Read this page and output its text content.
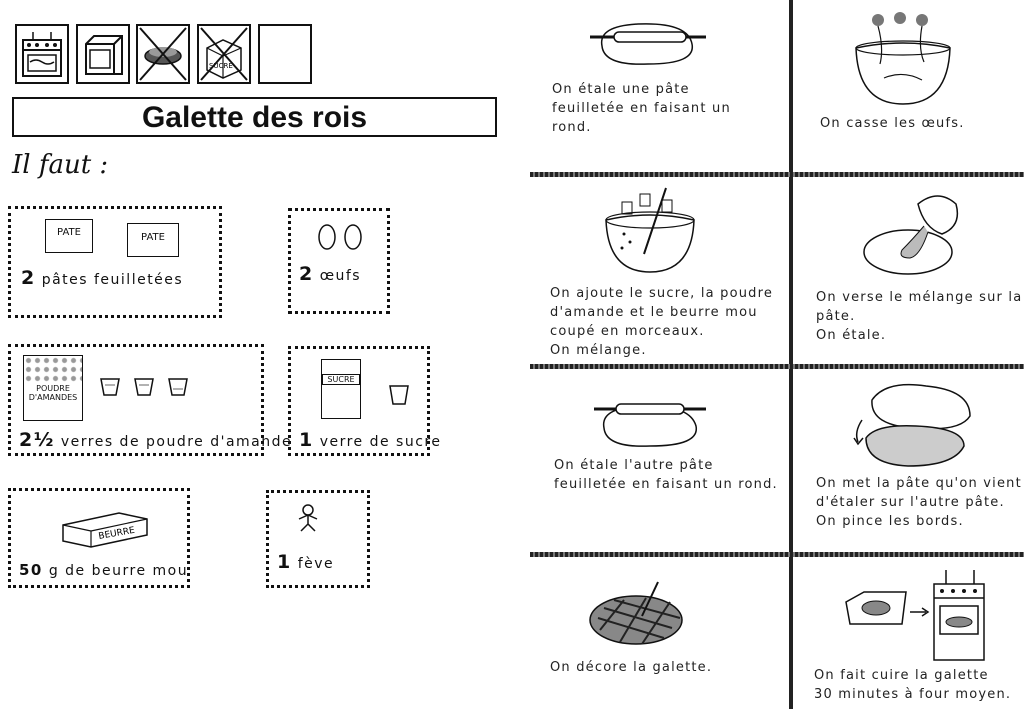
SUCRE
Galette des rois
Il faut :
PATE	PATE
2 pâtes feuilletées	2 œufs
POUDRE
D'AMANDES
2½ verres de poudre d'amande
SUCRE
1 verre de sucre
BEURRE
50 g de beurre mou	1 fève
On étale une pâte
feuilletée en faisant un
rond.	On casse les œufs.
On ajoute le sucre, la poudre
d'amande et le beurre mou
coupé en morceaux.
On mélange.
On verse le mélange sur la
pâte.
On étale.
On étale l'autre pâte
feuilletée en faisant un rond.	On met la pâte qu'on vient
d'étaler sur l'autre pâte.
On pince les bords.
On décore la galette.
On fait cuire la galette
30 minutes à four moyen.
